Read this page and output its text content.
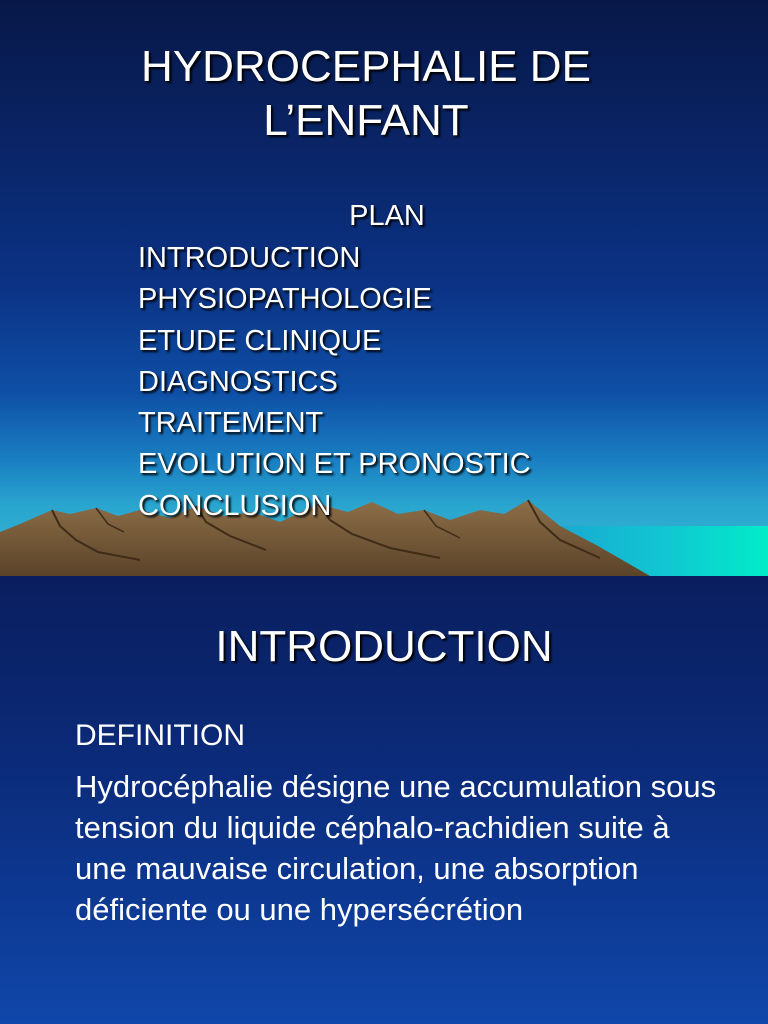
HYDROCEPHALIE DE
L’ENFANT
PLAN
INTRODUCTION
PHYSIOPATHOLOGIE
ETUDE CLINIQUE
DIAGNOSTICS
TRAITEMENT
EVOLUTION ET PRONOSTIC
CONCLUSION
INTRODUCTION
DEFINITION
Hydrocéphalie désigne une accumulation sous tension du liquide céphalo-rachidien suite à une mauvaise circulation, une absorption déficiente ou une hypersécrétion
